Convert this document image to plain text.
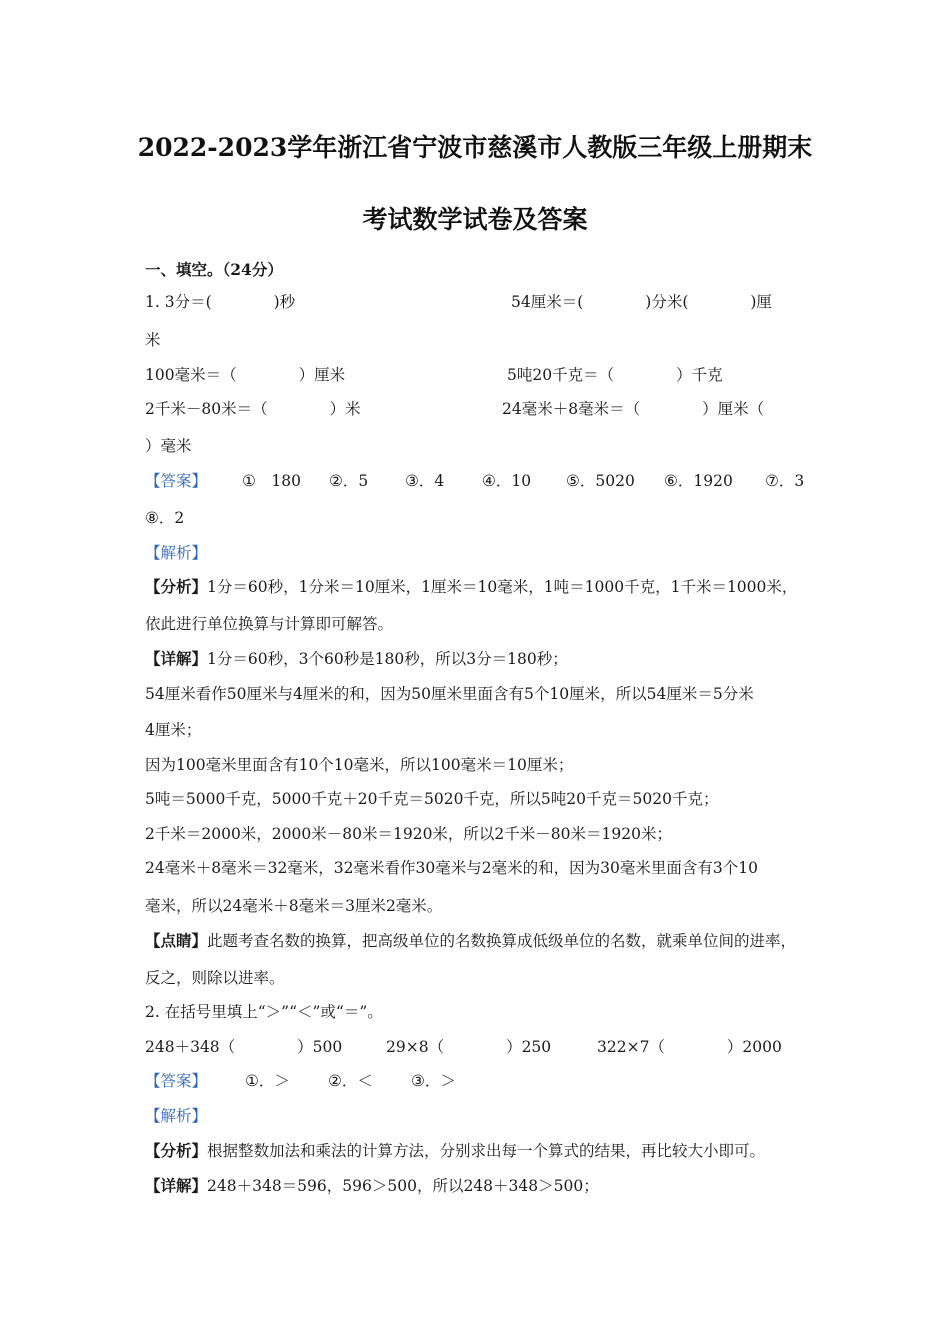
2022-2023学年浙江省宁波市慈溪市人教版三年级上册期末
考试数学试卷及答案
一、填空。（24分）
1. 3分＝(　　　　)秒	54厘米＝(　　　　)分米(　　　　)厘
米
100毫米＝（　　　　）厘米	5吨20千克＝（　　　　）千克
2千米－80米＝（　　　　）米	24毫米＋8毫米＝（　　　　）厘米（
）毫米
【答案】 ①　180 ②．5 ③．4 ④．10 ⑤．5020 ⑥．1920 ⑦．3
⑧．2
【解析】
【分析】1分＝60秒，1分米＝10厘米，1厘米＝10毫米，1吨＝1000千克，1千米＝1000米，
依此进行单位换算与计算即可解答。
【详解】1分＝60秒，3个60秒是180秒，所以3分＝180秒；
54厘米看作50厘米与4厘米的和，因为50厘米里面含有5个10厘米，所以54厘米＝5分米
4厘米；
因为100毫米里面含有10个10毫米，所以100毫米＝10厘米；
5吨＝5000千克，5000千克＋20千克＝5020千克，所以5吨20千克＝5020千克；
2千米＝2000米，2000米－80米＝1920米，所以2千米－80米＝1920米；
24毫米＋8毫米＝32毫米，32毫米看作30毫米与2毫米的和，因为30毫米里面含有3个10
毫米，所以24毫米＋8毫米＝3厘米2毫米。
【点睛】此题考查名数的换算，把高级单位的名数换算成低级单位的名数，就乘单位间的进率，
反之，则除以进率。
2. 在括号里填上“＞”“＜”或“＝”。
248＋348（　　　　）500	29×8（　　　　）250	322×7（　　　　）2000
【答案】 ①．＞ ②．＜ ③．＞
【解析】
【分析】根据整数加法和乘法的计算方法，分别求出每一个算式的结果，再比较大小即可。
【详解】248＋348＝596，596＞500，所以248＋348＞500；
